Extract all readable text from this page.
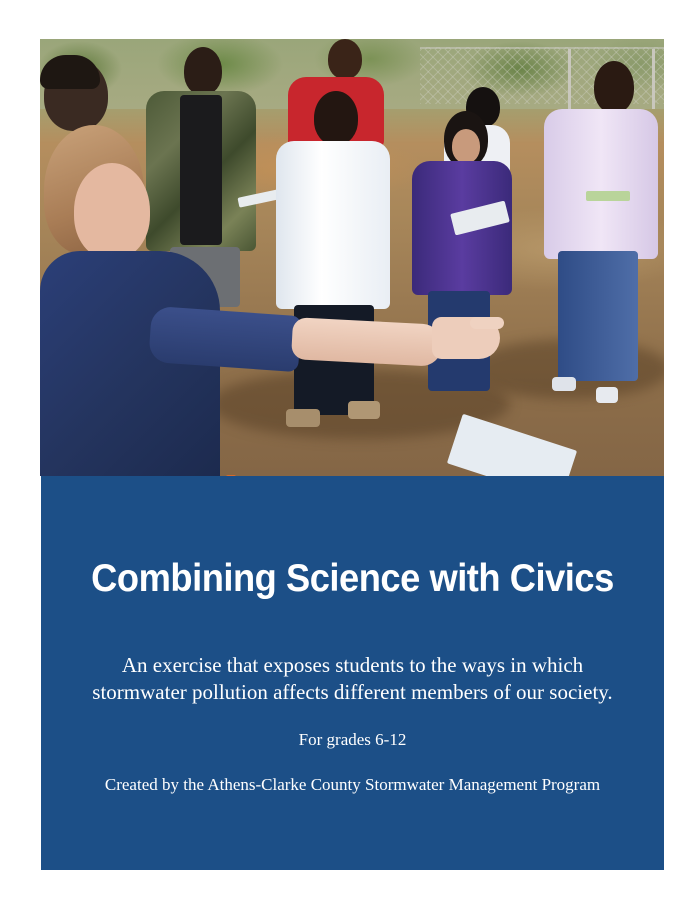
Combining Science with Civics
An exercise that exposes students to the ways in which
stormwater pollution affects different members of our society.
For grades 6-12
Created by the Athens-Clarke County Stormwater Management Program
